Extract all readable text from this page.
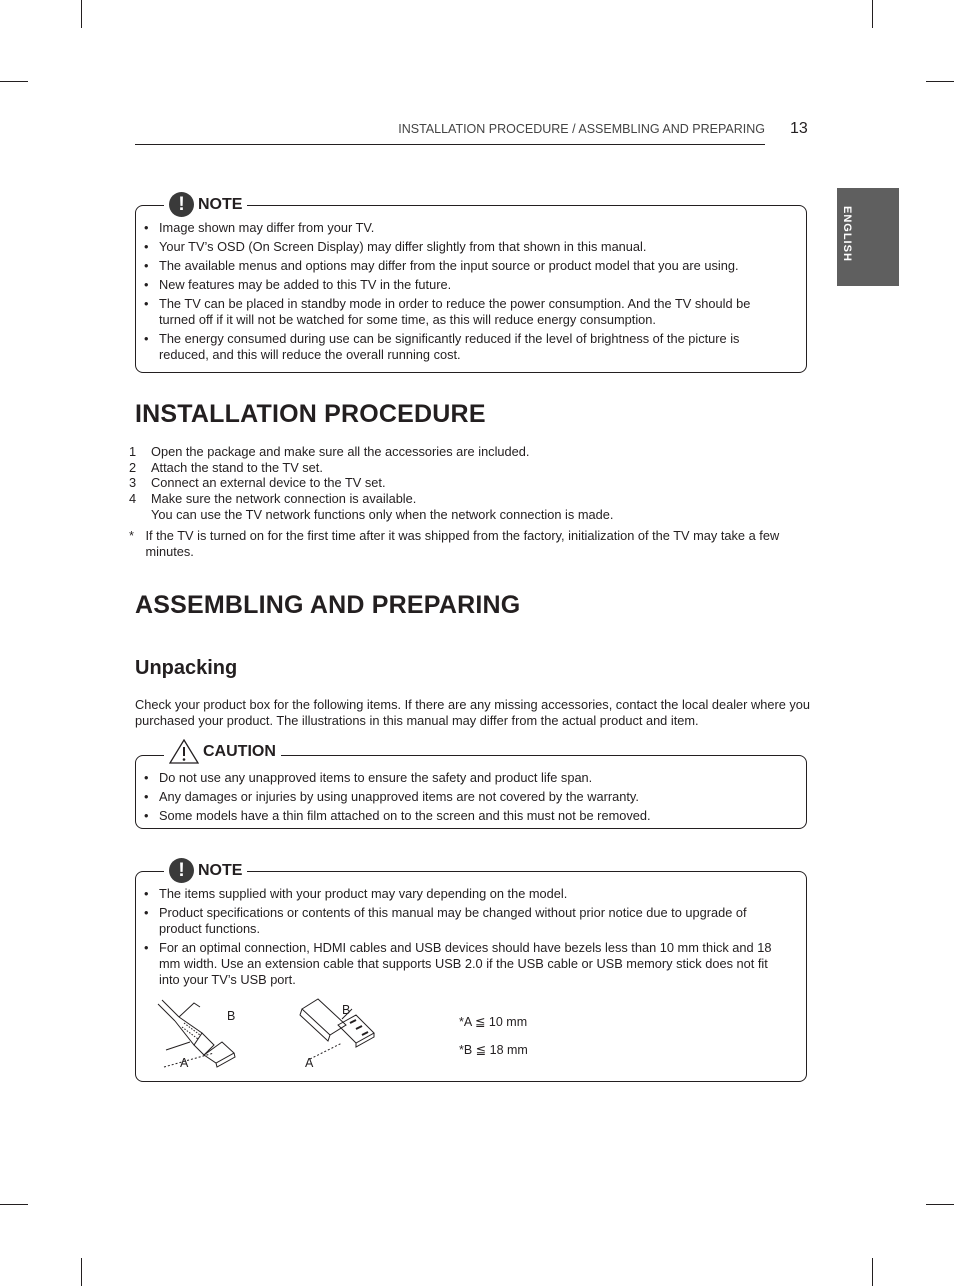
INSTALLATION PROCEDURE / ASSEMBLING AND PREPARING 13
ENGLISH
! NOTE
• Image shown may differ from your TV.
• Your TV’s OSD (On Screen Display) may differ slightly from that shown in this manual.
• The available menus and options may differ from the input source or product model that you are using.
• New features may be added to this TV in the future.
• The TV can be placed in standby mode in order to reduce the power consumption. And the TV should be turned off if it will not be watched for some time, as this will reduce energy consumption.
• The energy consumed during use can be significantly reduced if the level of brightness of the picture is reduced, and this will reduce the overall running cost.
INSTALLATION PROCEDURE
1	Open the package and make sure all the accessories are included.
2	Attach the stand to the TV set.
3	Connect an external device to the TV set.
4	Make sure the network connection is available.
You can use the TV network functions only when the network connection is made.
* If the TV is turned on for the first time after it was shipped from the factory, initialization of the TV may take a few minutes.
ASSEMBLING AND PREPARING
Unpacking
Check your product box for the following items. If there are any missing accessories, contact the local dealer where you purchased your product. The illustrations in this manual may differ from the actual product and item.
CAUTION
• Do not use any unapproved items to ensure the safety and product life span.
• Any damages or injuries by using unapproved items are not covered by the warranty.
• Some models have a thin film attached on to the screen and this must not be removed.
! NOTE
• The items supplied with your product may vary depending on the model.
• Product specifications or contents of this manual may be changed without prior notice due to upgrade of product functions.
• For an optimal connection, HDMI cables and USB devices should have bezels less than 10 mm thick and 18 mm width. Use an extension cable that supports USB 2.0 if the USB cable or USB memory stick does not fit into your TV’s USB port.
B
A
B
A
*A ≦ 10 mm
*B ≦ 18 mm
